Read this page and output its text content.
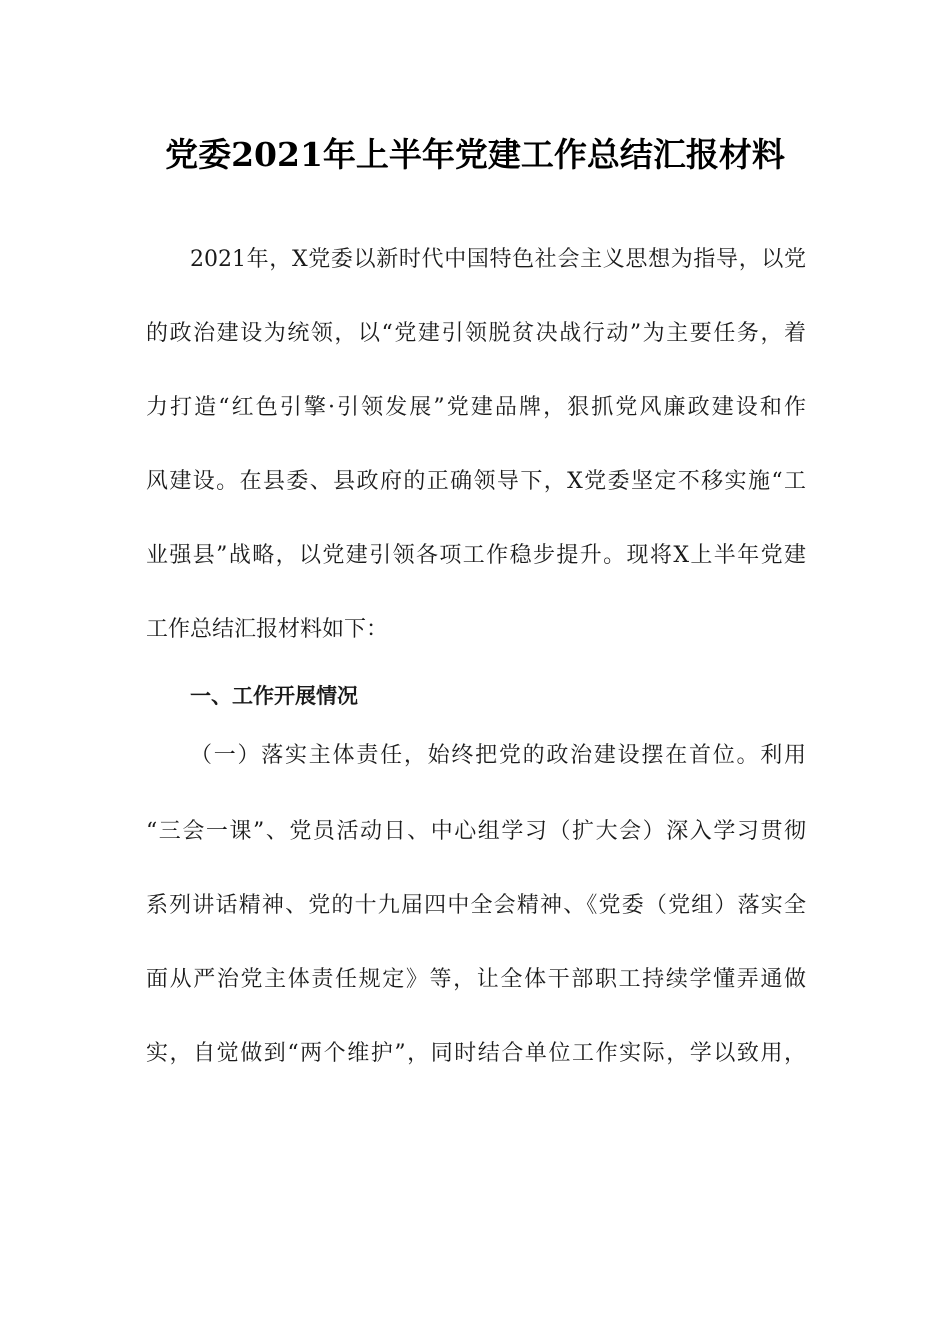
党委2021年上半年党建工作总结汇报材料
2021年，X党委以新时代中国特色社会主义思想为指导，以党
的政治建设为统领，以“党建引领脱贫决战行动”为主要任务，着
力打造“红色引擎·引领发展”党建品牌，狠抓党风廉政建设和作
风建设。在县委、县政府的正确领导下，X党委坚定不移实施“工
业强县”战略，以党建引领各项工作稳步提升。现将X上半年党建
工作总结汇报材料如下：
一、工作开展情况
（一）落实主体责任，始终把党的政治建设摆在首位。利用
“三会一课”、党员活动日、中心组学习（扩大会）深入学习贯彻
系列讲话精神、党的十九届四中全会精神、《党委（党组）落实全
面从严治党主体责任规定》等，让全体干部职工持续学懂弄通做
实，自觉做到“两个维护”，同时结合单位工作实际，学以致用，
